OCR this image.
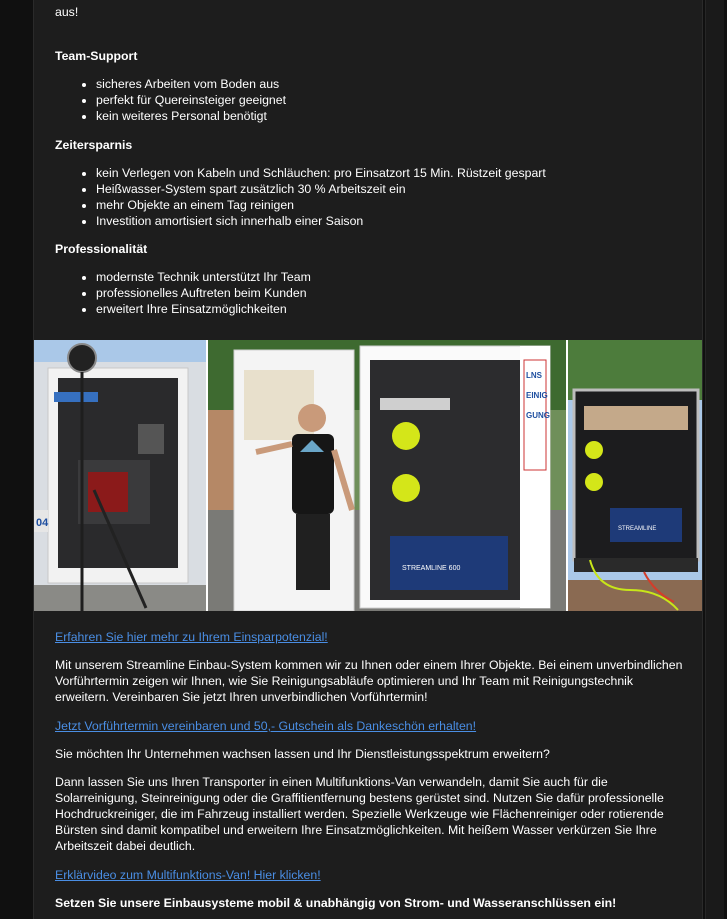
aus!
Team-Support
• sicheres Arbeiten vom Boden aus
• perfekt für Quereinsteiger geeignet
• kein weiteres Personal benötigt
Zeitersparnis
• kein Verlegen von Kabeln und Schläuchen: pro Einsatzort 15 Min. Rüstzeit gespart
• Heißwasser-System spart zusätzlich 30 % Arbeitszeit ein
• mehr Objekte an einem Tag reinigen
• Investition amortisiert sich innerhalb einer Saison
Professionalität
• modernste Technik unterstützt Ihr Team
• professionelles Auftreten beim Kunden
• erweitert Ihre Einsatzmöglichkeiten
04
STREAMLINE 600
LNS
EINIG
GUNG
STREAMLINE

Erfahren Sie hier mehr zu Ihrem Einsparpotenzial!

Mit unserem Streamline Einbau-System kommen wir zu Ihnen oder einem Ihrer Objekte. Bei einem unverbindlichen Vorführtermin zeigen wir Ihnen, wie Sie Reinigungsabläufe optimieren und Ihr Team mit Reinigungstechnik erweitern. Vereinbaren Sie jetzt Ihren unverbindlichen Vorführtermin!

Jetzt Vorführtermin vereinbaren und 50,- Gutschein als Dankeschön erhalten!

Sie möchten Ihr Unternehmen wachsen lassen und Ihr Dienstleistungsspektrum erweitern?

Dann lassen Sie uns Ihren Transporter in einen Multifunktions-Van verwandeln, damit Sie auch für die Solarreinigung, Steinreinigung oder die Graffitientfernung bestens gerüstet sind. Nutzen Sie dafür professionelle Hochdruckreiniger, die im Fahrzeug installiert werden. Spezielle Werkzeuge wie Flächenreiniger oder rotierende Bürsten sind damit kompatibel und erweitern Ihre Einsatzmöglichkeiten. Mit heißem Wasser verkürzen Sie Ihre Arbeitszeit dabei deutlich.

Erklärvideo zum Multifunktions-Van! Hier klicken!

Setzen Sie unsere Einbausysteme mobil & unabhängig von Strom- und Wasseranschlüssen ein!
